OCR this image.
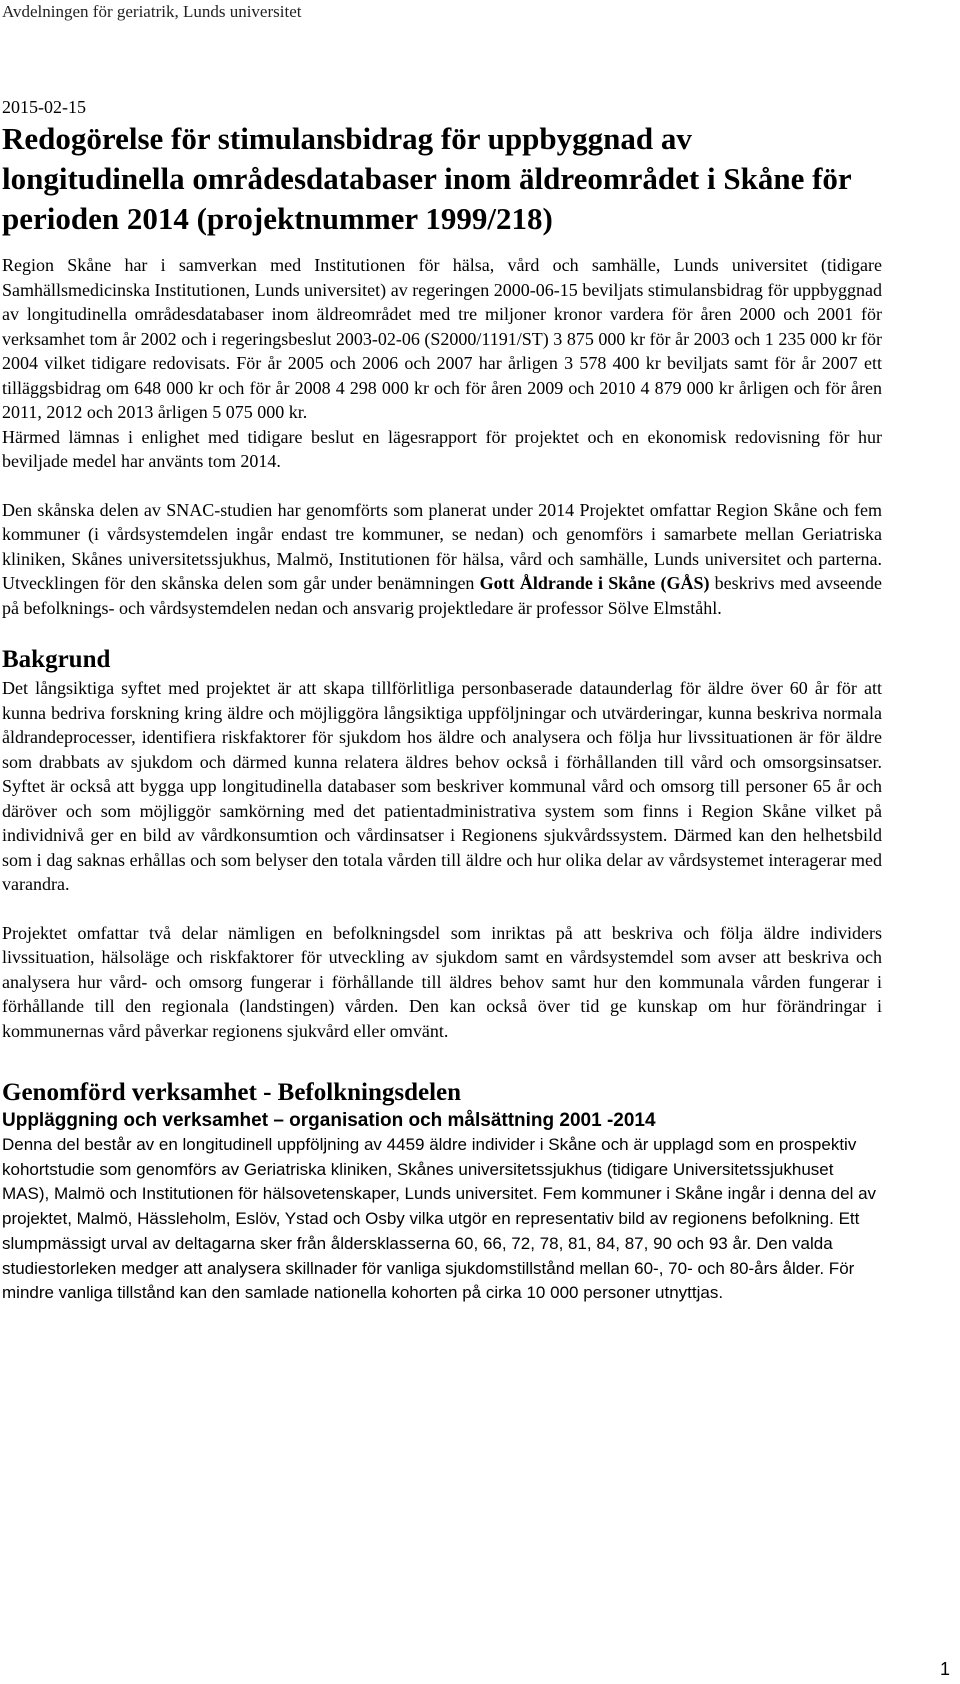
Avdelningen för geriatrik, Lunds universitet

2015-02-15

Redogörelse för stimulansbidrag för uppbyggnad av longitudinella områdesdatabaser inom äldreområdet i Skåne för perioden 2014 (projektnummer 1999/218)

Region Skåne har i samverkan med Institutionen för hälsa, vård och samhälle, Lunds universitet (tidigare Samhällsmedicinska Institutionen, Lunds universitet) av regeringen 2000-06-15 beviljats stimulansbidrag för uppbyggnad av longitudinella områdesdatabaser inom äldreområdet med tre miljoner kronor vardera för åren 2000 och 2001 för verksamhet tom år 2002 och i regeringsbeslut 2003-02-06 (S2000/1191/ST) 3 875 000 kr för år 2003 och 1 235 000 kr för 2004 vilket tidigare redovisats. För år 2005 och 2006 och 2007 har årligen 3 578 400 kr beviljats samt för år 2007 ett tilläggsbidrag om 648 000 kr och för år 2008 4 298 000 kr och för åren 2009 och 2010 4 879 000 kr årligen och för åren 2011, 2012 och 2013 årligen 5 075 000 kr.

Härmed lämnas i enlighet med tidigare beslut en lägesrapport för projektet och en ekonomisk redovisning för hur beviljade medel har använts tom 2014.

Den skånska delen av SNAC-studien har genomförts som planerat under 2014 Projektet omfattar Region Skåne och fem kommuner (i vårdsystemdelen ingår endast tre kommuner, se nedan) och genomförs i samarbete mellan Geriatriska kliniken, Skånes universitetssjukhus, Malmö, Institutionen för hälsa, vård och samhälle, Lunds universitet och parterna. Utvecklingen för den skånska delen som går under benämningen Gott Åldrande i Skåne (GÅS) beskrivs med avseende på befolknings- och vårdsystemdelen nedan och ansvarig projektledare är professor Sölve Elmståhl.

Bakgrund

Det långsiktiga syftet med projektet är att skapa tillförlitliga personbaserade dataunderlag för äldre över 60 år för att kunna bedriva forskning kring äldre och möjliggöra långsiktiga uppföljningar och utvärderingar, kunna beskriva normala åldrandeprocesser, identifiera riskfaktorer för sjukdom hos äldre och analysera och följa hur livssituationen är för äldre som drabbats av sjukdom och därmed kunna relatera äldres behov också i förhållanden till vård och omsorgsinsatser. Syftet är också att bygga upp longitudinella databaser som beskriver kommunal vård och omsorg till personer 65 år och däröver och som möjliggör samkörning med det patientadministrativa system som finns i Region Skåne vilket på individnivå ger en bild av vårdkonsumtion och vårdinsatser i Regionens sjukvårdssystem. Därmed kan den helhetsbild som i dag saknas erhållas och som belyser den totala vården till äldre och hur olika delar av vårdsystemet interagerar med varandra.

Projektet omfattar två delar nämligen en befolkningsdel som inriktas på att beskriva och följa äldre individers livssituation, hälsoläge och riskfaktorer för utveckling av sjukdom samt en vårdsystemdel som avser att beskriva och analysera hur vård- och omsorg fungerar i förhållande till äldres behov samt hur den kommunala vården fungerar i förhållande till den regionala (landstingen) vården. Den kan också över tid ge kunskap om hur förändringar i kommunernas vård påverkar regionens sjukvård eller omvänt.

Genomförd verksamhet - Befolkningsdelen
Uppläggning och verksamhet – organisation och målsättning 2001 -2014

Denna del består av en longitudinell uppföljning av 4459 äldre individer i Skåne och är upplagd som en prospektiv kohortstudie som genomförs av Geriatriska kliniken, Skånes universitetssjukhus (tidigare Universitetssjukhuset MAS), Malmö och Institutionen för hälsovetenskaper, Lunds universitet. Fem kommuner i Skåne ingår i denna del av projektet, Malmö, Hässleholm, Eslöv, Ystad och Osby vilka utgör en representativ bild av regionens befolkning. Ett slumpmässigt urval av deltagarna sker från åldersklasserna 60, 66, 72, 78, 81, 84, 87, 90 och 93 år. Den valda studiestorleken medger att analysera skillnader för vanliga sjukdomstillstånd mellan 60-, 70- och 80-års ålder. För mindre vanliga tillstånd kan den samlade nationella kohorten på cirka 10 000 personer utnyttjas.

1
